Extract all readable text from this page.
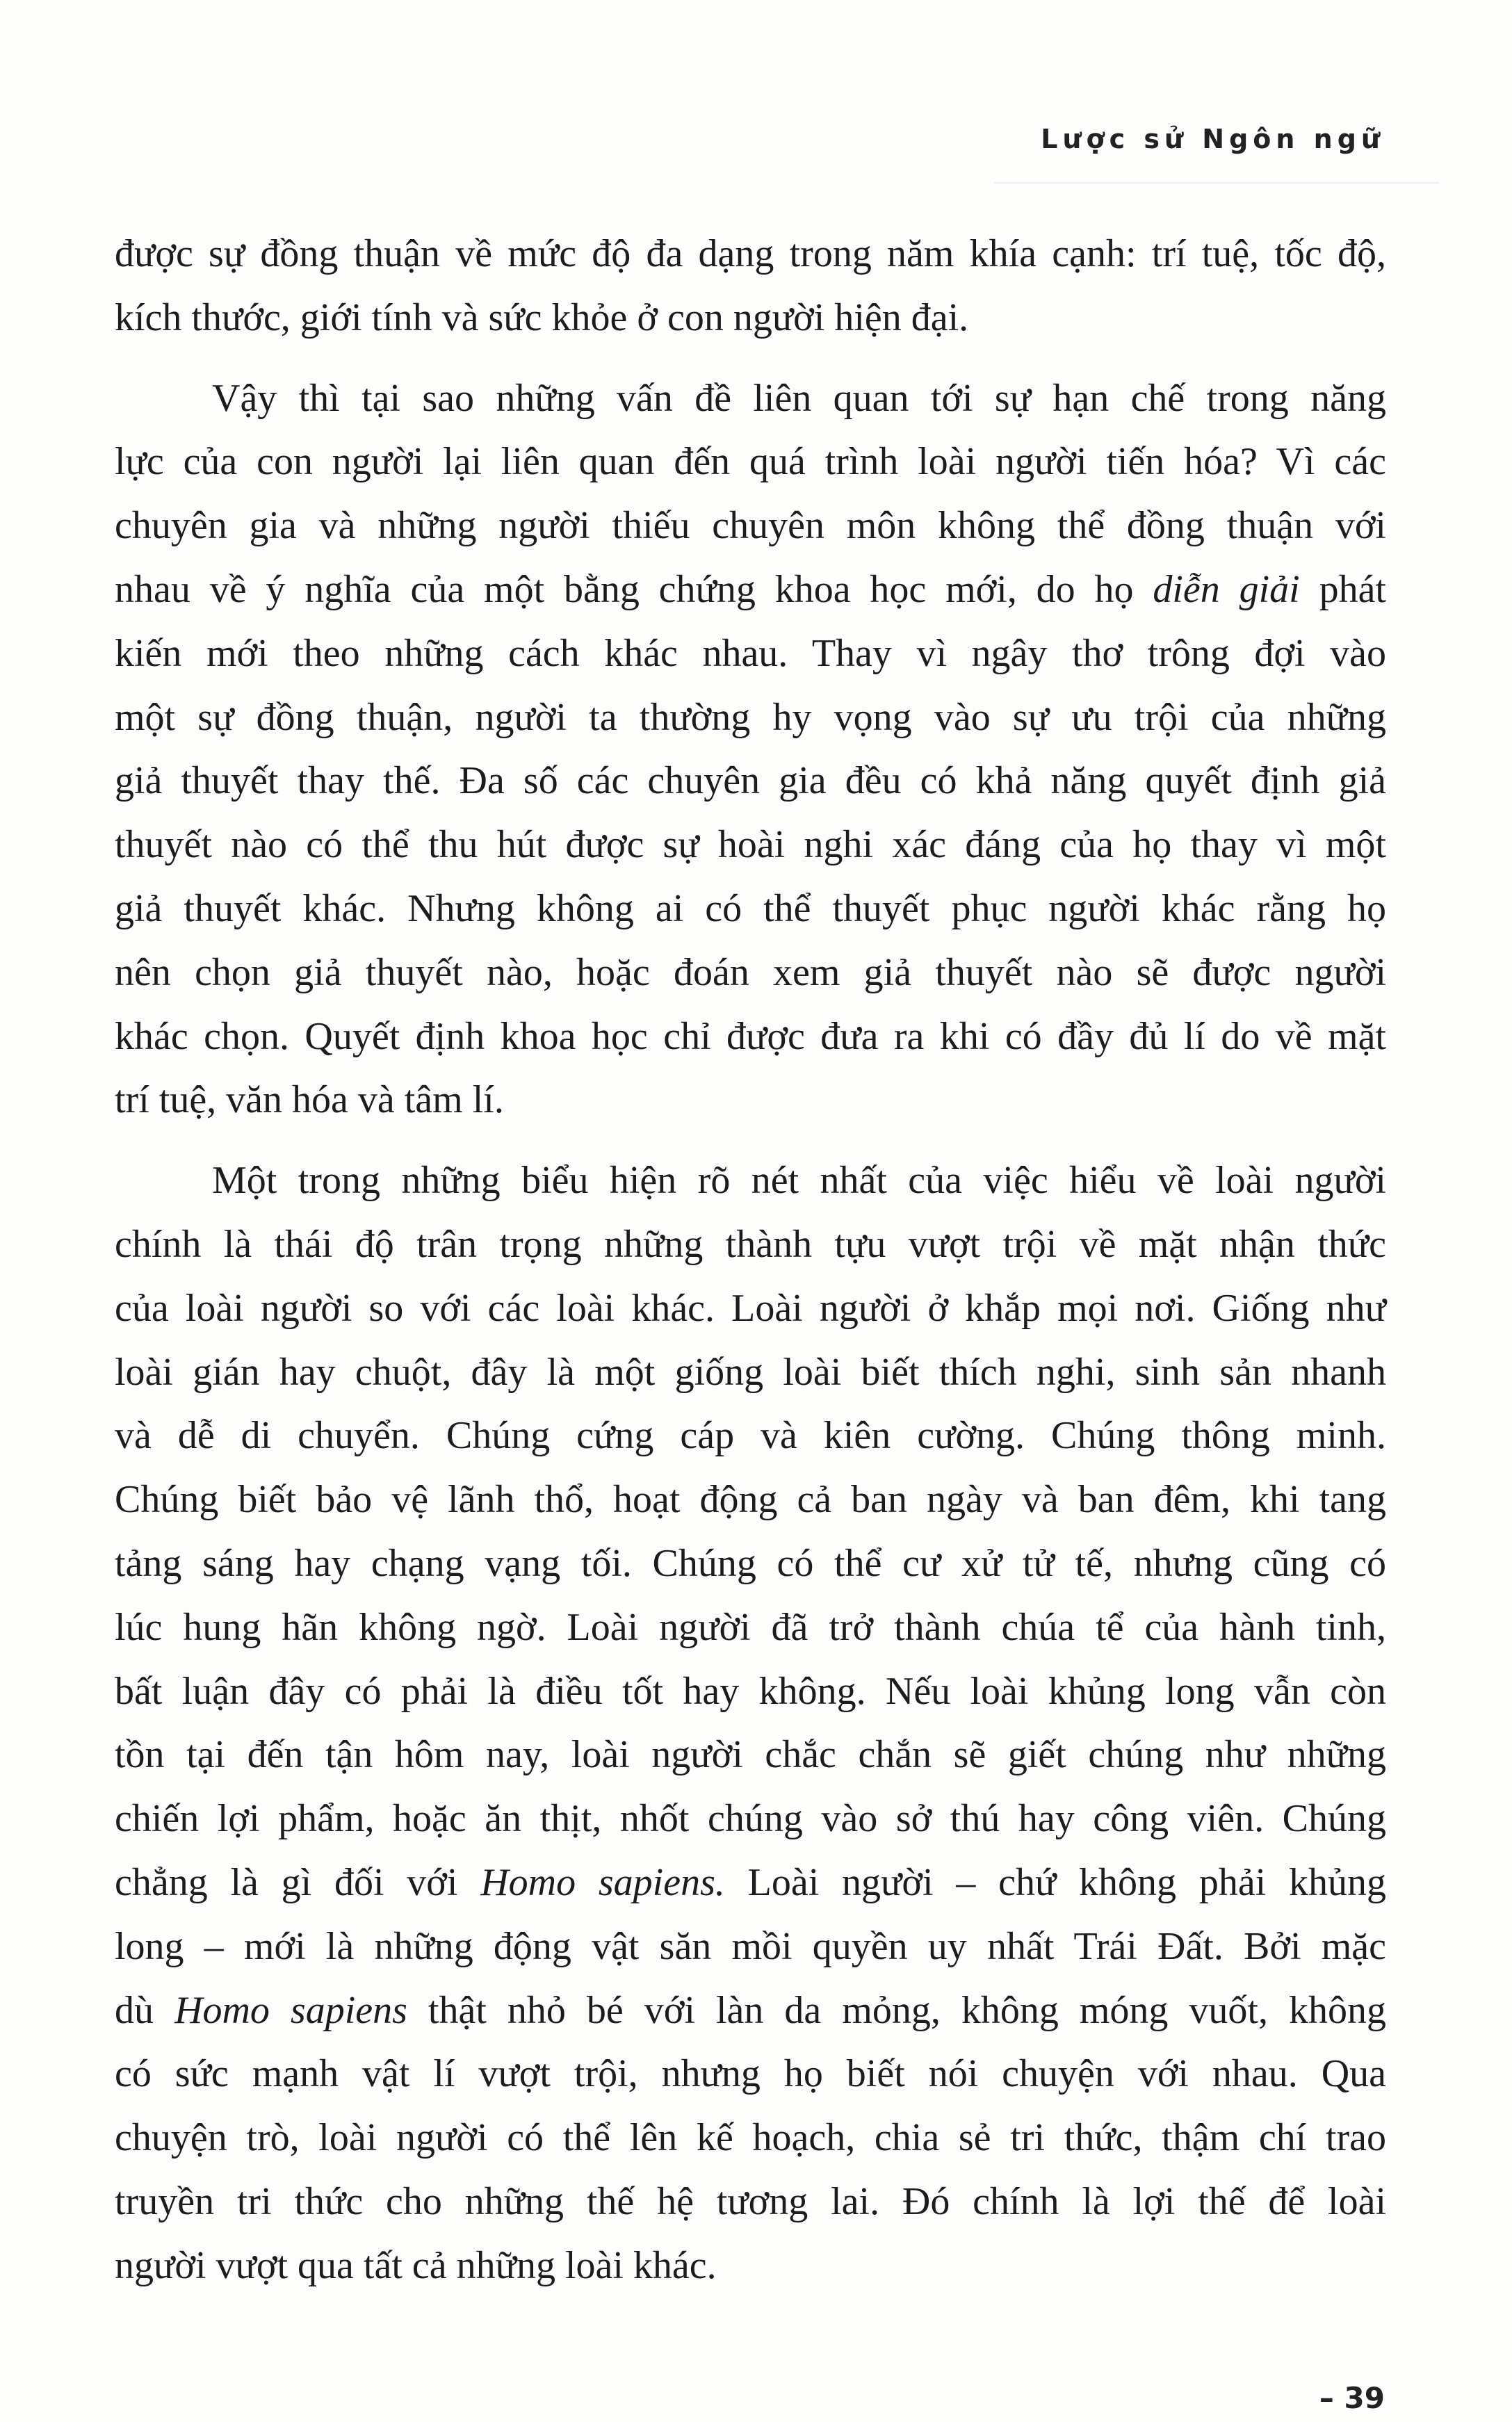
Lược sử Ngôn ngữ
được sự đồng thuận về mức độ đa dạng trong năm khía cạnh: trí tuệ, tốc độ,
kích thước, giới tính và sức khỏe ở con người hiện đại.
Vậy thì tại sao những vấn đề liên quan tới sự hạn chế trong năng
lực của con người lại liên quan đến quá trình loài người tiến hóa? Vì các
chuyên gia và những người thiếu chuyên môn không thể đồng thuận với
nhau về ý nghĩa của một bằng chứng khoa học mới, do họ diễn giải phát
kiến mới theo những cách khác nhau. Thay vì ngây thơ trông đợi vào
một sự đồng thuận, người ta thường hy vọng vào sự ưu trội của những
giả thuyết thay thế. Đa số các chuyên gia đều có khả năng quyết định giả
thuyết nào có thể thu hút được sự hoài nghi xác đáng của họ thay vì một
giả thuyết khác. Nhưng không ai có thể thuyết phục người khác rằng họ
nên chọn giả thuyết nào, hoặc đoán xem giả thuyết nào sẽ được người
khác chọn. Quyết định khoa học chỉ được đưa ra khi có đầy đủ lí do về mặt
trí tuệ, văn hóa và tâm lí.
Một trong những biểu hiện rõ nét nhất của việc hiểu về loài người
chính là thái độ trân trọng những thành tựu vượt trội về mặt nhận thức
của loài người so với các loài khác. Loài người ở khắp mọi nơi. Giống như
loài gián hay chuột, đây là một giống loài biết thích nghi, sinh sản nhanh
và dễ di chuyển. Chúng cứng cáp và kiên cường. Chúng thông minh.
Chúng biết bảo vệ lãnh thổ, hoạt động cả ban ngày và ban đêm, khi tang
tảng sáng hay chạng vạng tối. Chúng có thể cư xử tử tế, nhưng cũng có
lúc hung hãn không ngờ. Loài người đã trở thành chúa tể của hành tinh,
bất luận đây có phải là điều tốt hay không. Nếu loài khủng long vẫn còn
tồn tại đến tận hôm nay, loài người chắc chắn sẽ giết chúng như những
chiến lợi phẩm, hoặc ăn thịt, nhốt chúng vào sở thú hay công viên. Chúng
chẳng là gì đối với Homo sapiens. Loài người – chứ không phải khủng
long – mới là những động vật săn mồi quyền uy nhất Trái Đất. Bởi mặc
dù Homo sapiens thật nhỏ bé với làn da mỏng, không móng vuốt, không
có sức mạnh vật lí vượt trội, nhưng họ biết nói chuyện với nhau. Qua
chuyện trò, loài người có thể lên kế hoạch, chia sẻ tri thức, thậm chí trao
truyền tri thức cho những thế hệ tương lai. Đó chính là lợi thế để loài
người vượt qua tất cả những loài khác.
– 39
